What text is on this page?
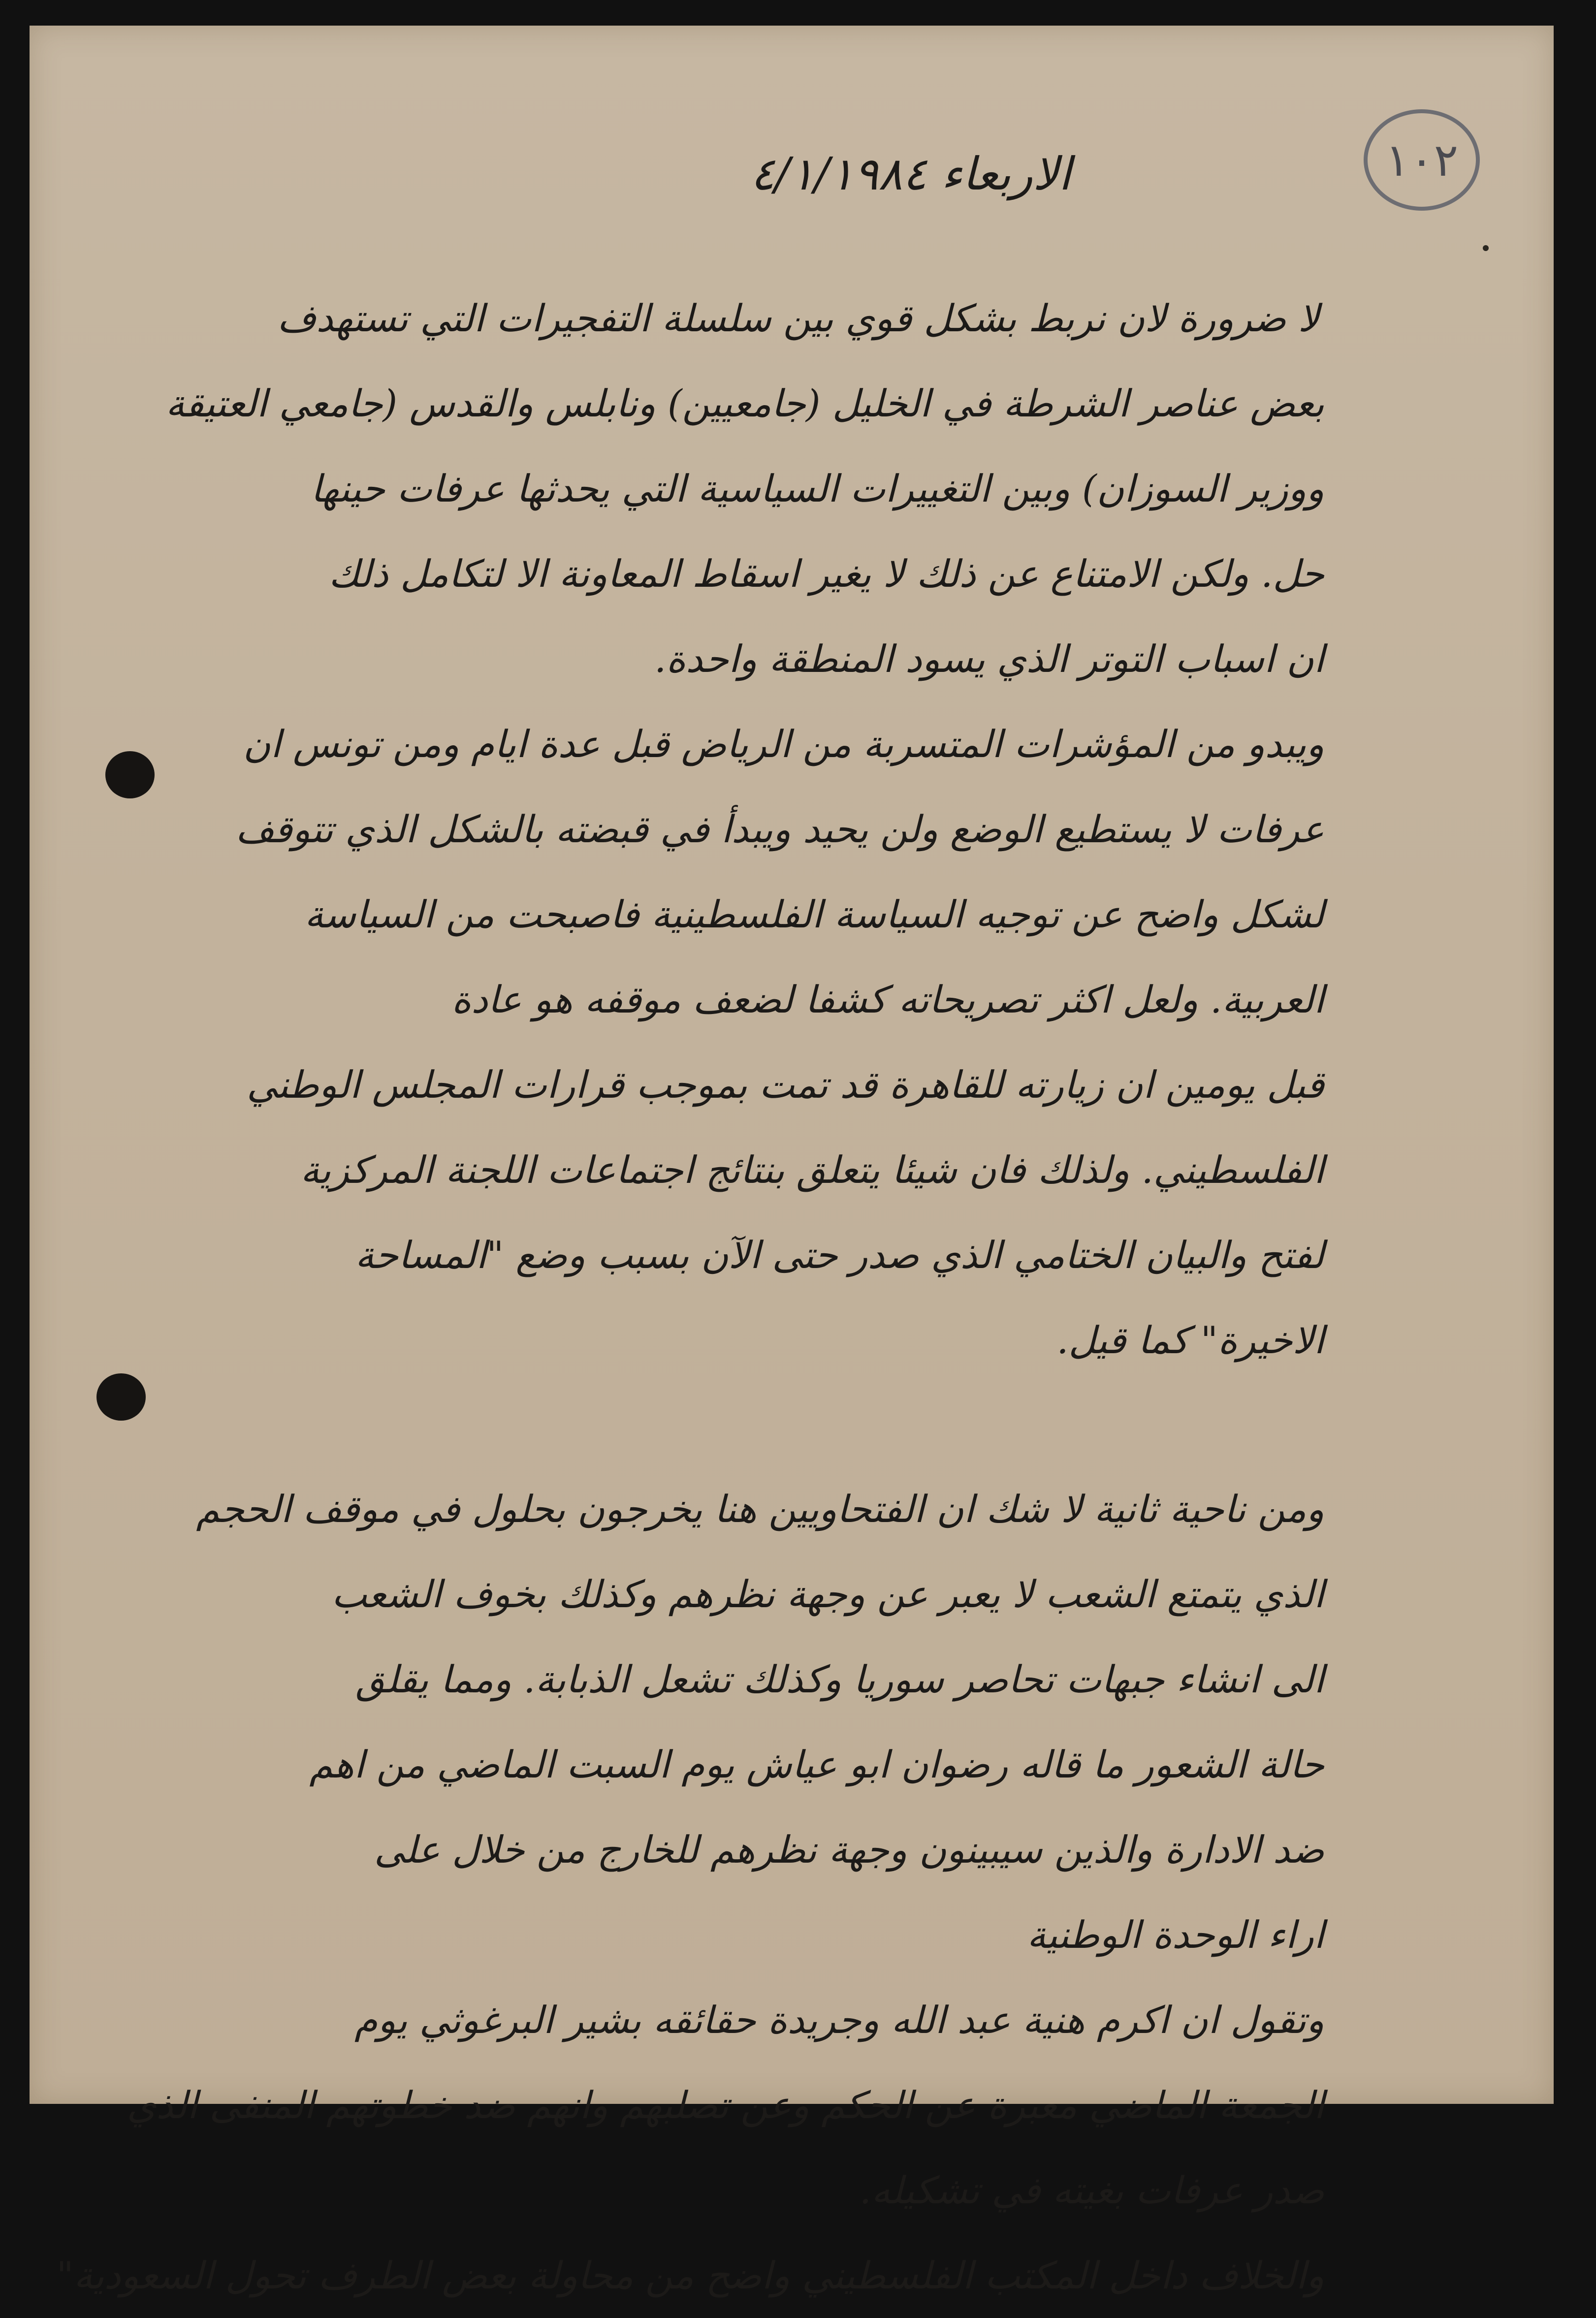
١٠٢
الاربعاء ٤/١/١٩٨٤
لا ضرورة لان نربط بشكل قوي بين سلسلة التفجيرات التي تستهدف
بعض عناصر الشرطة في الخليل (جامعيين) ونابلس والقدس (جامعي العتيقة
ووزير السوزان) وبين التغييرات السياسية التي يحدثها عرفات حينها
حل. ولكن الامتناع عن ذلك لا يغير اسقاط المعاونة الا لتكامل ذلك
ان اسباب التوتر الذي يسود المنطقة واحدة.
ويبدو من المؤشرات المتسربة من الرياض قبل عدة ايام ومن تونس ان
عرفات لا يستطيع الوضع ولن يحيد ويبدأ في قبضته بالشكل الذي تتوقف
لشكل واضح عن توجيه السياسة الفلسطينية فاصبحت من السياسة
العربية. ولعل اكثر تصريحاته كشفا لضعف موقفه هو عادة
قبل يومين ان زيارته للقاهرة قد تمت بموجب قرارات المجلس الوطني
الفلسطيني. ولذلك فان شيئا يتعلق بنتائج اجتماعات اللجنة المركزية
لفتح والبيان الختامي الذي صدر حتى الآن بسبب وضع "المساحة
الاخيرة" كما قيل.
ومن ناحية ثانية لا شك ان الفتحاويين هنا يخرجون بحلول في موقف الحجم
الذي يتمتع الشعب لا يعبر عن وجهة نظرهم وكذلك بخوف الشعب
الى انشاء جبهات تحاصر سوريا وكذلك تشعل الذبابة. ومما يقلق
حالة الشعور ما قاله رضوان ابو عياش يوم السبت الماضي من اهم
ضد الادارة والذين سيبينون وجهة نظرهم للخارج من خلال على
اراء الوحدة الوطنية
وتقول ان اكرم هنية عبد الله وجريدة حقائقه بشير البرغوثي يوم
الجمعة الماضي معبرة عن الحكم وعن تصلبهم وانهم ضد خطوتهم المنفى الذي
صدر عرفات بغيته في تشكيله.
والخلاف داخل المكتب الفلسطيني واضح من محاولة بعض الطرف تحول السعودية"
